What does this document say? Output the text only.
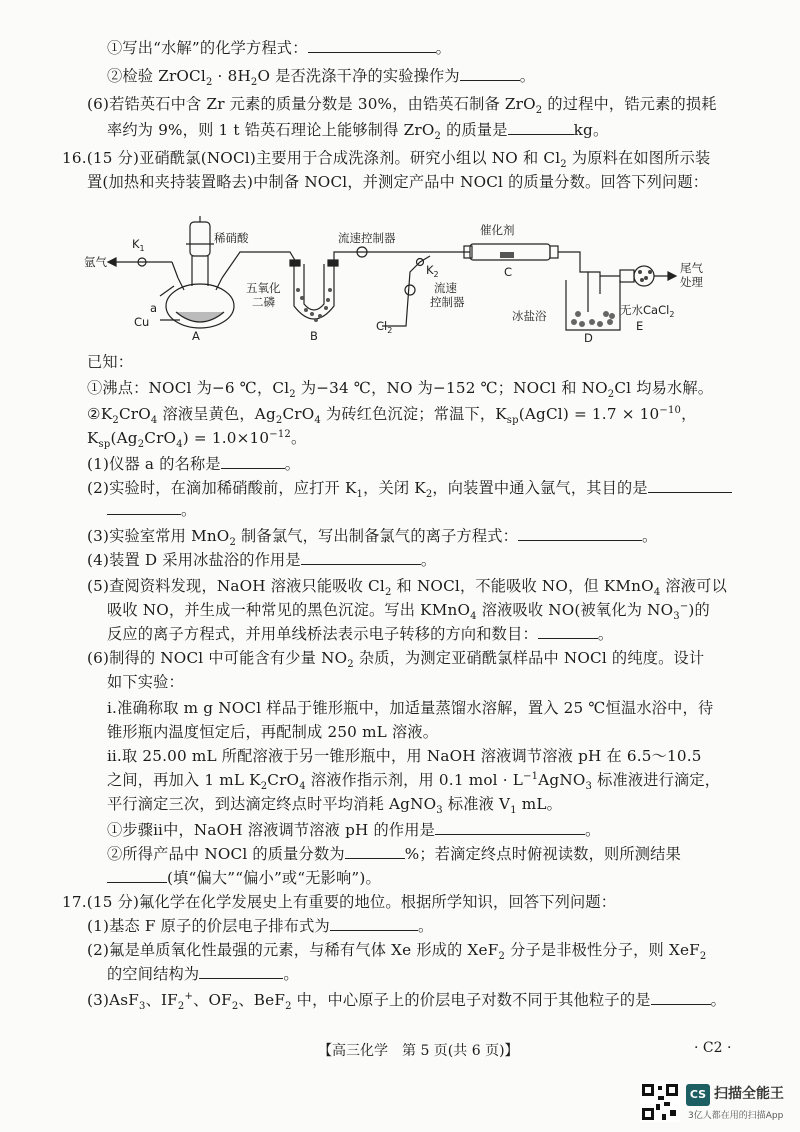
①写出“水解”的化学方程式：	。
②检验 ZrOCl$_2$ · $8H_2O$ 是否洗涤干净的实验操作为	。
(6)若锆英石中含 Zr 元素的质量分数是 30%，由锆英石制备 ZrO$_2$ 的过程中，锆元素的损耗
率约为 9%，则 1 t 锆英石理论上能够制得 ZrO$_2$ 的质量是	kg。
16.(15 分)亚硝酰氯(NOCl)主要用于合成洗涤剂。研究小组以 NO 和 $Cl_2$ 为原料在如图所示装
置(加热和夹持装置略去)中制备 NOCl，并测定产品中 NOCl 的质量分数。回答下列问题：
氩气
$K_1$
稀硝酸	流速控制器
催化剂
a
Cu
五氧化
二磷
$K_2$
流速
控制器
冰盐浴	无水CaCl$_2$
尾气
处理
$Cl_2$
A	B
C
D
E
已知：
①沸点：NOCl 为−6 ℃，$Cl_2$ 为−34 ℃，NO 为−152 ℃；NOCl 和 $NO_2Cl$ 均易水解。
$②K_2CrO_4$ 溶液呈黄色，$Ag_2CrO_4$ 为砖红色沉淀；常温下，$K_{sp}(AgCl) = 1.7 \times 10^{-10}$，
$K_{sp}(Ag_2CrO_4) = 1.0\times 10^{-12}$。
(1)仪器 a 的名称是	。
(2)实验时，在滴加稀硝酸前，应打开 $K_1$，关闭 $K_2$，向装置中通入氩气，其目的是
。
(3)实验室常用 MnO$_2$ 制备氯气，写出制备氯气的离子方程式：	。
(4)装置 D 采用冰盐浴的作用是	。
(5)查阅资料发现，NaOH 溶液只能吸收 $Cl_2$ 和 NOCl，不能吸收 NO，但 KMnO$_4$ 溶液可以
吸收 NO，并生成一种常见的黑色沉淀。写出 KMnO$_4$ 溶液吸收 NO(被氧化为 $NO_3^-$)的
反应的离子方程式，并用单线桥法表示电子转移的方向和数目：	。
(6)制得的 NOCl 中可能含有少量 $NO_2$ 杂质，为测定亚硝酰氯样品中 NOCl 的纯度。设计
如下实验：
ⅰ.准确称取 m g NOCl 样品于锥形瓶中，加适量蒸馏水溶解，置入 25 ℃恒温水浴中，待
锥形瓶内温度恒定后，再配制成 250 mL 溶液。
ⅱ.取 25.00 mL 所配溶液于另一锥形瓶中，用 NaOH 溶液调节溶液 pH 在 6.5～10.5
之间，再加入 1 mL $K_2CrO_4$ 溶液作指示剂，用 0.1 mol · $L^{-1}AgNO_3$ 标准液进行滴定，
平行滴定三次，到达滴定终点时平均消耗 AgNO$_3$ 标准液 $V_1$ mL。
①步骤ⅱ中，NaOH 溶液调节溶液 pH 的作用是	。
②所得产品中 NOCl 的质量分数为	%；若滴定终点时俯视读数，则所测结果
(填“偏大”“偏小”或“无影响”)。
17.(15 分)氟化学在化学发展史上有重要的地位。根据所学知识，回答下列问题：
(1)基态 F 原子的价层电子排布式为	。
(2)氟是单质氧化性最强的元素，与稀有气体 Xe 形成的 XeF$_2$ 分子是非极性分子，则 XeF$_2$
的空间结构为	。
(3)AsF$_3$、$IF_2^+$、$OF_2$、BeF$_2$ 中，中心原子上的价层电子对数不同于其他粒子的是	。
【高三化学　第 5 页(共 6 页)】	· C2 ·
CS 扫描全能王
3亿人都在用的扫描App
